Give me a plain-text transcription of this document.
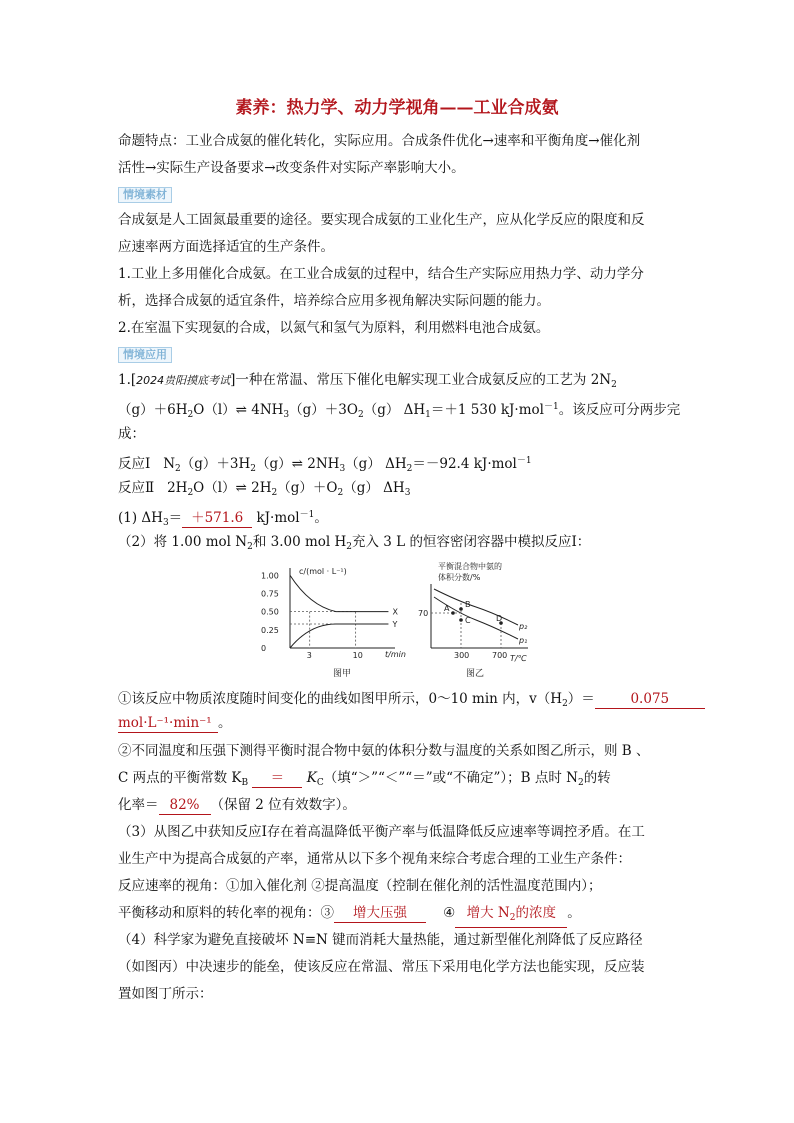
素养：热力学、动力学视角——工业合成氨
命题特点：工业合成氨的催化转化，实际应用。合成条件优化→速率和平衡角度→催化剂
活性→实际生产设备要求→改变条件对实际产率影响大小。
情境素材
合成氨是人工固氮最重要的途径。要实现合成氨的工业化生产，应从化学反应的限度和反
应速率两方面选择适宜的生产条件。
1.工业上多用催化合成氨。在工业合成氨的过程中，结合生产实际应用热力学、动力学分
析，选择合成氨的适宜条件，培养综合应用多视角解决实际问题的能力。
2.在室温下实现氨的合成，以氮气和氢气为原料，利用燃料电池合成氨。
情境应用
1.[2024贵阳摸底考试]一种在常温、常压下催化电解实现工业合成氨反应的工艺为 $2N_2$
$(g)+6H_2O(l)\rightleftharpoons$ $4NH_3(g)+3O_2(g)$ $\Delta H_1=+1$ 530 kJ·mol$^{-1}$。该反应可分两步完
成：
反应Ⅰ $N_2(g)+3H_2(g)\rightleftharpoons$ $2NH_3(g)$ $\Delta H_2=-92.4$ kJ·mol$^{-1}$
反应Ⅱ $2H_2O(l)\rightleftharpoons$ $2H_2(g)+O_2(g)$ $\Delta H_3$
(1) $\Delta H_3= +571.6$ kJ·mol$^{-1}$。
（2）将 1.00 mol $N_2$和 3.00 mol $H_2$充入 3 L 的恒容密闭容器中模拟反应Ⅰ：
c/(mol · L⁻¹)
1.00
0.75
0.50
0.25
0
3	10
X
Y
t/min
图甲
平衡混合物中氨的
体积分数/%
A B
C	D
p₂
p₁
70
300	700 T/℃
图乙
①该反应中物质浓度随时间变化的曲线如图甲所示，0～10 min 内，$v(H_2)=$	0.075
mol·L⁻¹·min⁻¹ 。
②不同温度和压强下测得平衡时混合物中氨的体积分数与温度的关系如图乙所示，则 B 、
C 两点的平衡常数 $K_B = K_C$（填“＞”“＜”“＝”或“不确定”）；B 点时 $N_2$的转
化率＝ 82% （保留 2 位有效数字）。
（3）从图乙中获知反应Ⅰ存在着高温降低平衡产率与低温降低反应速率等调控矛盾。在工
业生产中为提高合成氨的产率，通常从以下多个视角来综合考虑合理的工业生产条件：
反应速率的视角：①加入催化剂 ②提高温度（控制在催化剂的活性温度范围内）；
平衡移动和原料的转化率的视角：③ 增大压强	④ 增大 $N_2$的浓度 。
（4）科学家为避免直接破坏 N≡N 键而消耗大量热能，通过新型催化剂降低了反应路径
（如图丙）中决速步的能垒，使该反应在常温、常压下采用电化学方法也能实现，反应装
置如图丁所示：
